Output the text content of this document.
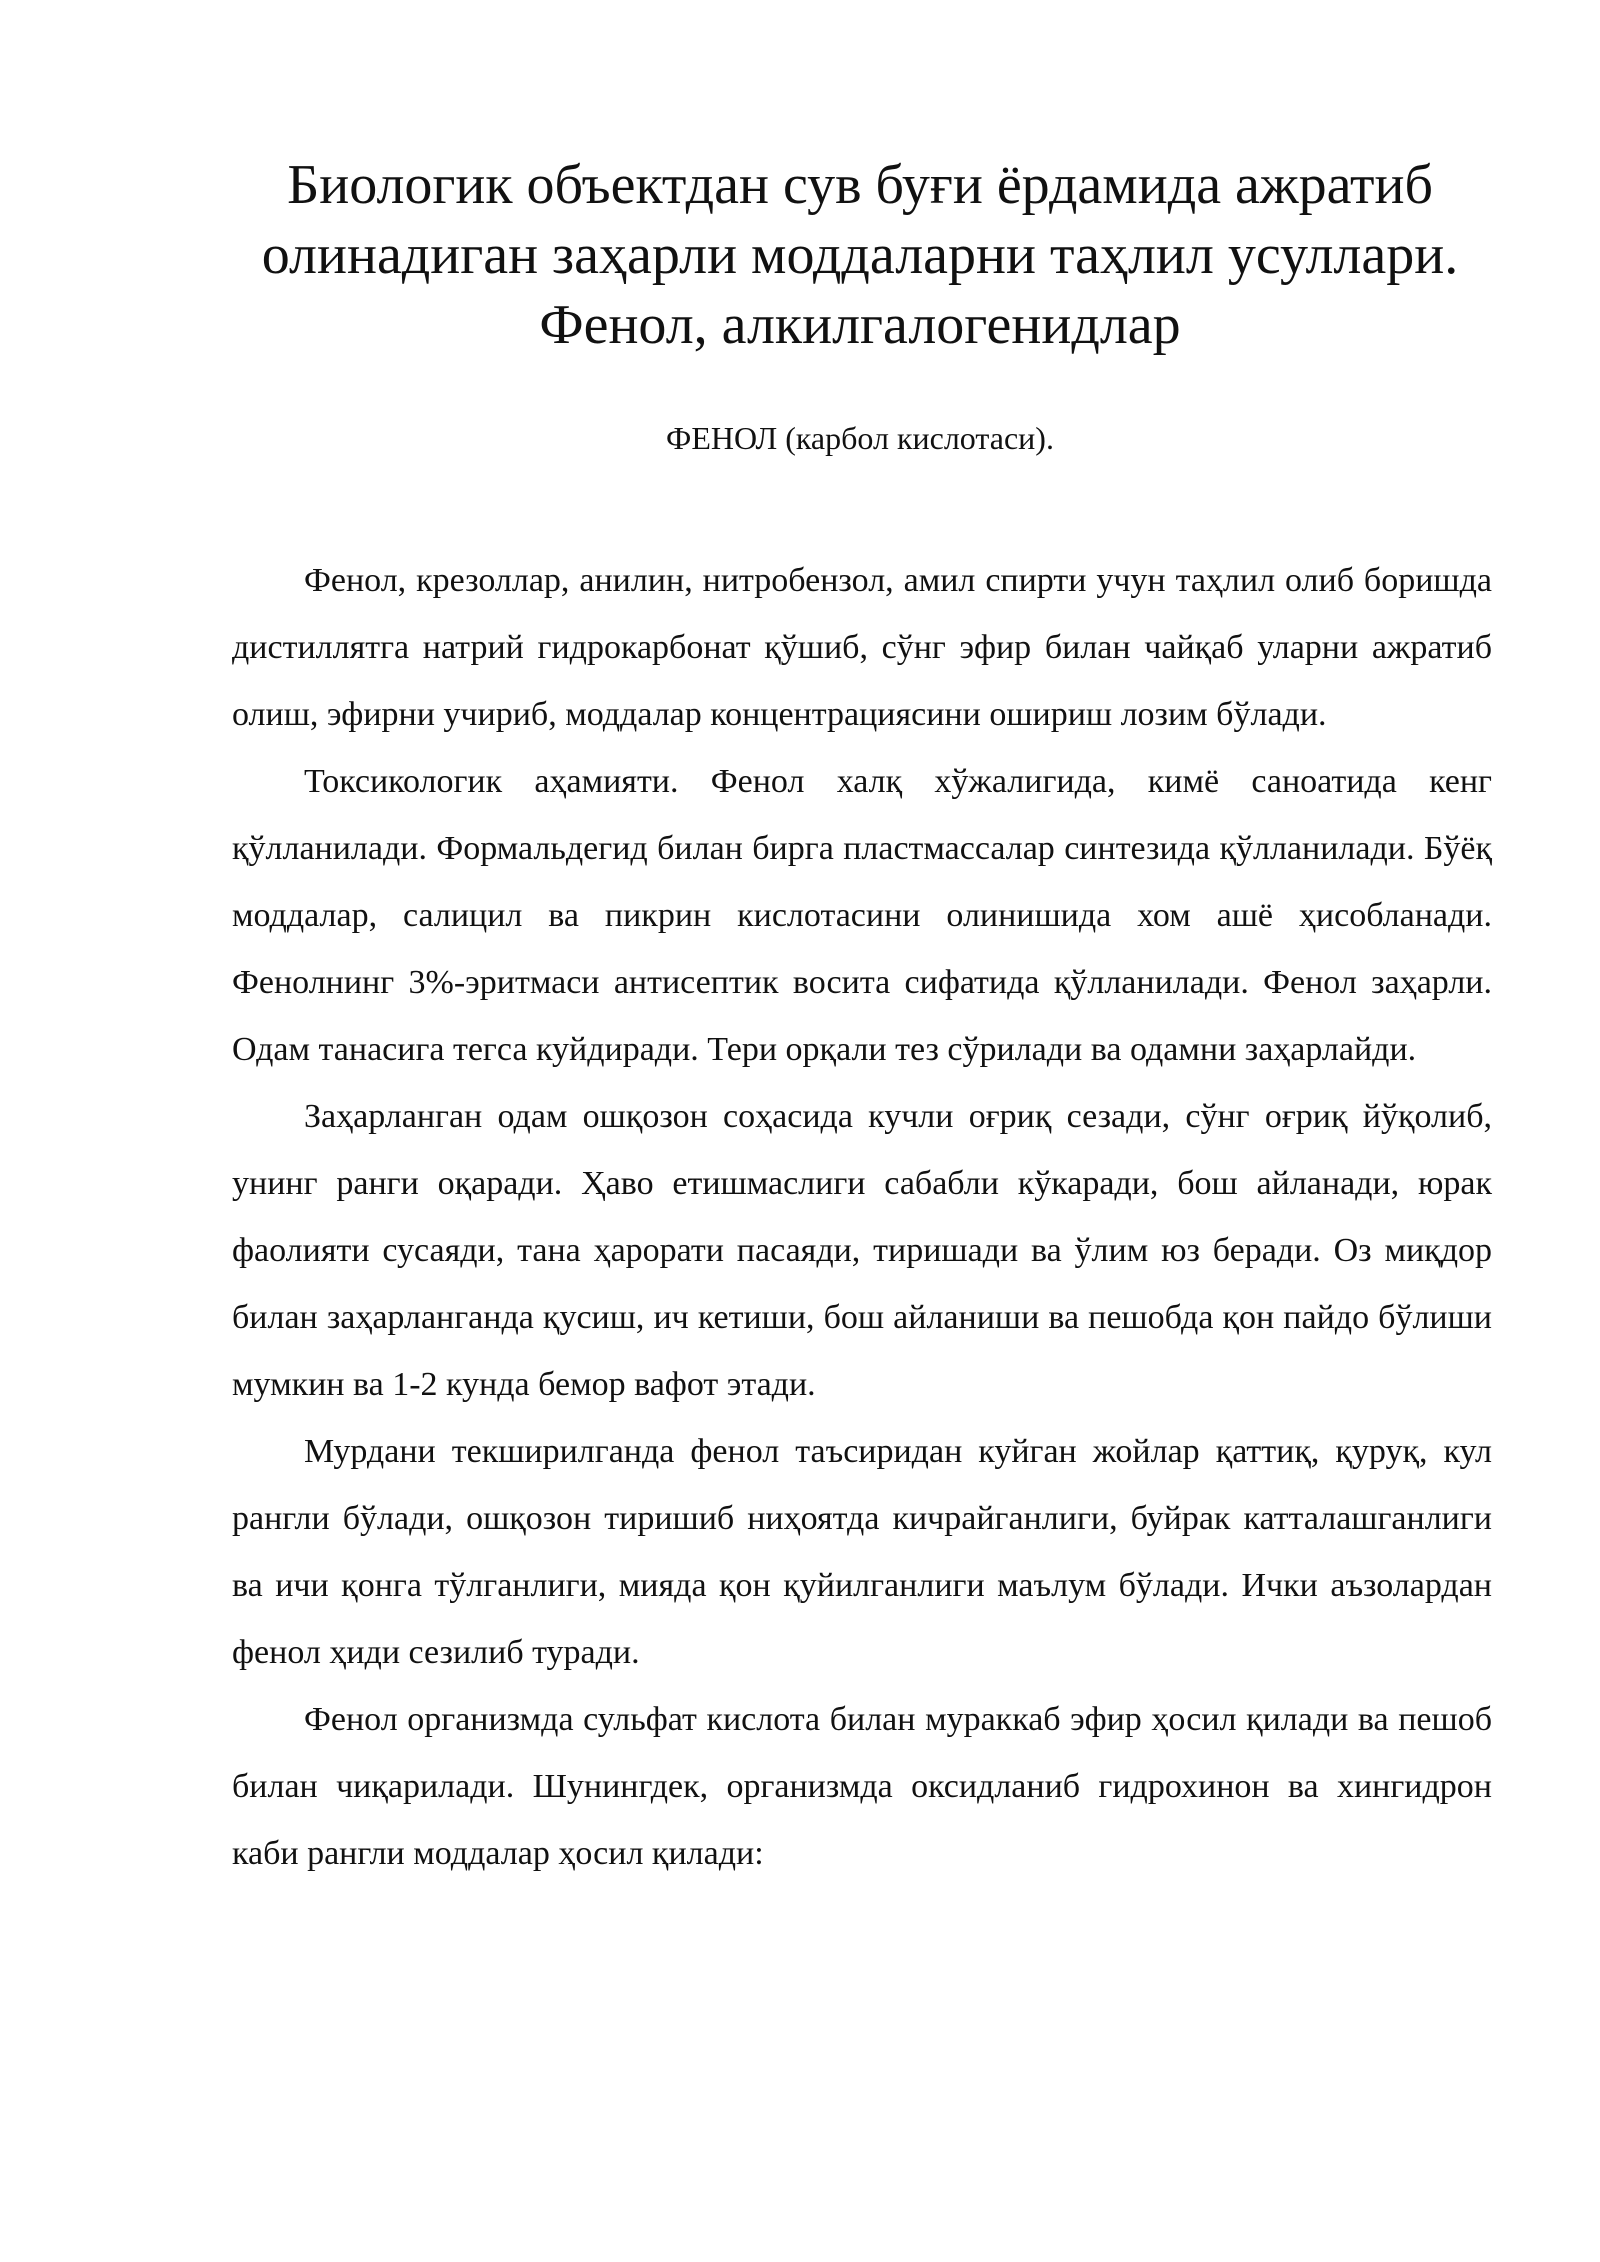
Биологик объектдан сув буғи ёрдамида ажратиб олинадиган заҳарли моддаларни таҳлил усуллари. Фенол, алкилгалогенидлар

ФЕНОЛ (карбол кислотаси).

Фенол, крезоллар, анилин, нитробензол, амил спирти учун таҳлил олиб боришда дистиллятга натрий гидрокарбонат қўшиб, сўнг эфир билан чайқаб уларни ажратиб олиш, эфирни учириб, моддалар концентрациясини ошириш лозим бўлади.

Токсикологик аҳамияти. Фенол халқ хўжалигида, кимё саноатида кенг қўлланилади. Формальдегид билан бирга пластмассалар синтезида қўлланилади. Бўёқ моддалар, салицил ва пикрин кислотасини олинишида хом ашё ҳисобланади. Фенолнинг 3%-эритмаси антисептик восита сифатида қўлланилади. Фенол заҳарли. Одам танасига тегса куйдиради. Тери орқали тез сўрилади ва одамни заҳарлайди.

Заҳарланган одам ошқозон соҳасида кучли оғриқ сезади, сўнг оғриқ йўқолиб, унинг ранги оқаради. Ҳаво етишмаслиги сабабли кўкаради, бош айланади, юрак фаолияти сусаяди, тана ҳарорати пасаяди, тиришади ва ўлим юз беради. Оз миқдор билан заҳарланганда қусиш, ич кетиши, бош айланиши ва пешобда қон пайдо бўлиши мумкин ва 1-2 кунда бемор вафот этади.

Мурдани текширилганда фенол таъсиридан куйган жойлар қаттиқ, қуруқ, кул рангли бўлади, ошқозон тиришиб ниҳоятда кичрайганлиги, буйрак катталашганлиги ва ичи қонга тўлганлиги, мияда қон қуйилганлиги маълум бўлади. Ички аъзолардан фенол ҳиди сезилиб туради.

Фенол организмда сульфат кислота билан мураккаб эфир ҳосил қилади ва пешоб билан чиқарилади. Шунингдек, организмда оксидланиб гидрохинон ва хингидрон каби рангли моддалар ҳосил қилади:
